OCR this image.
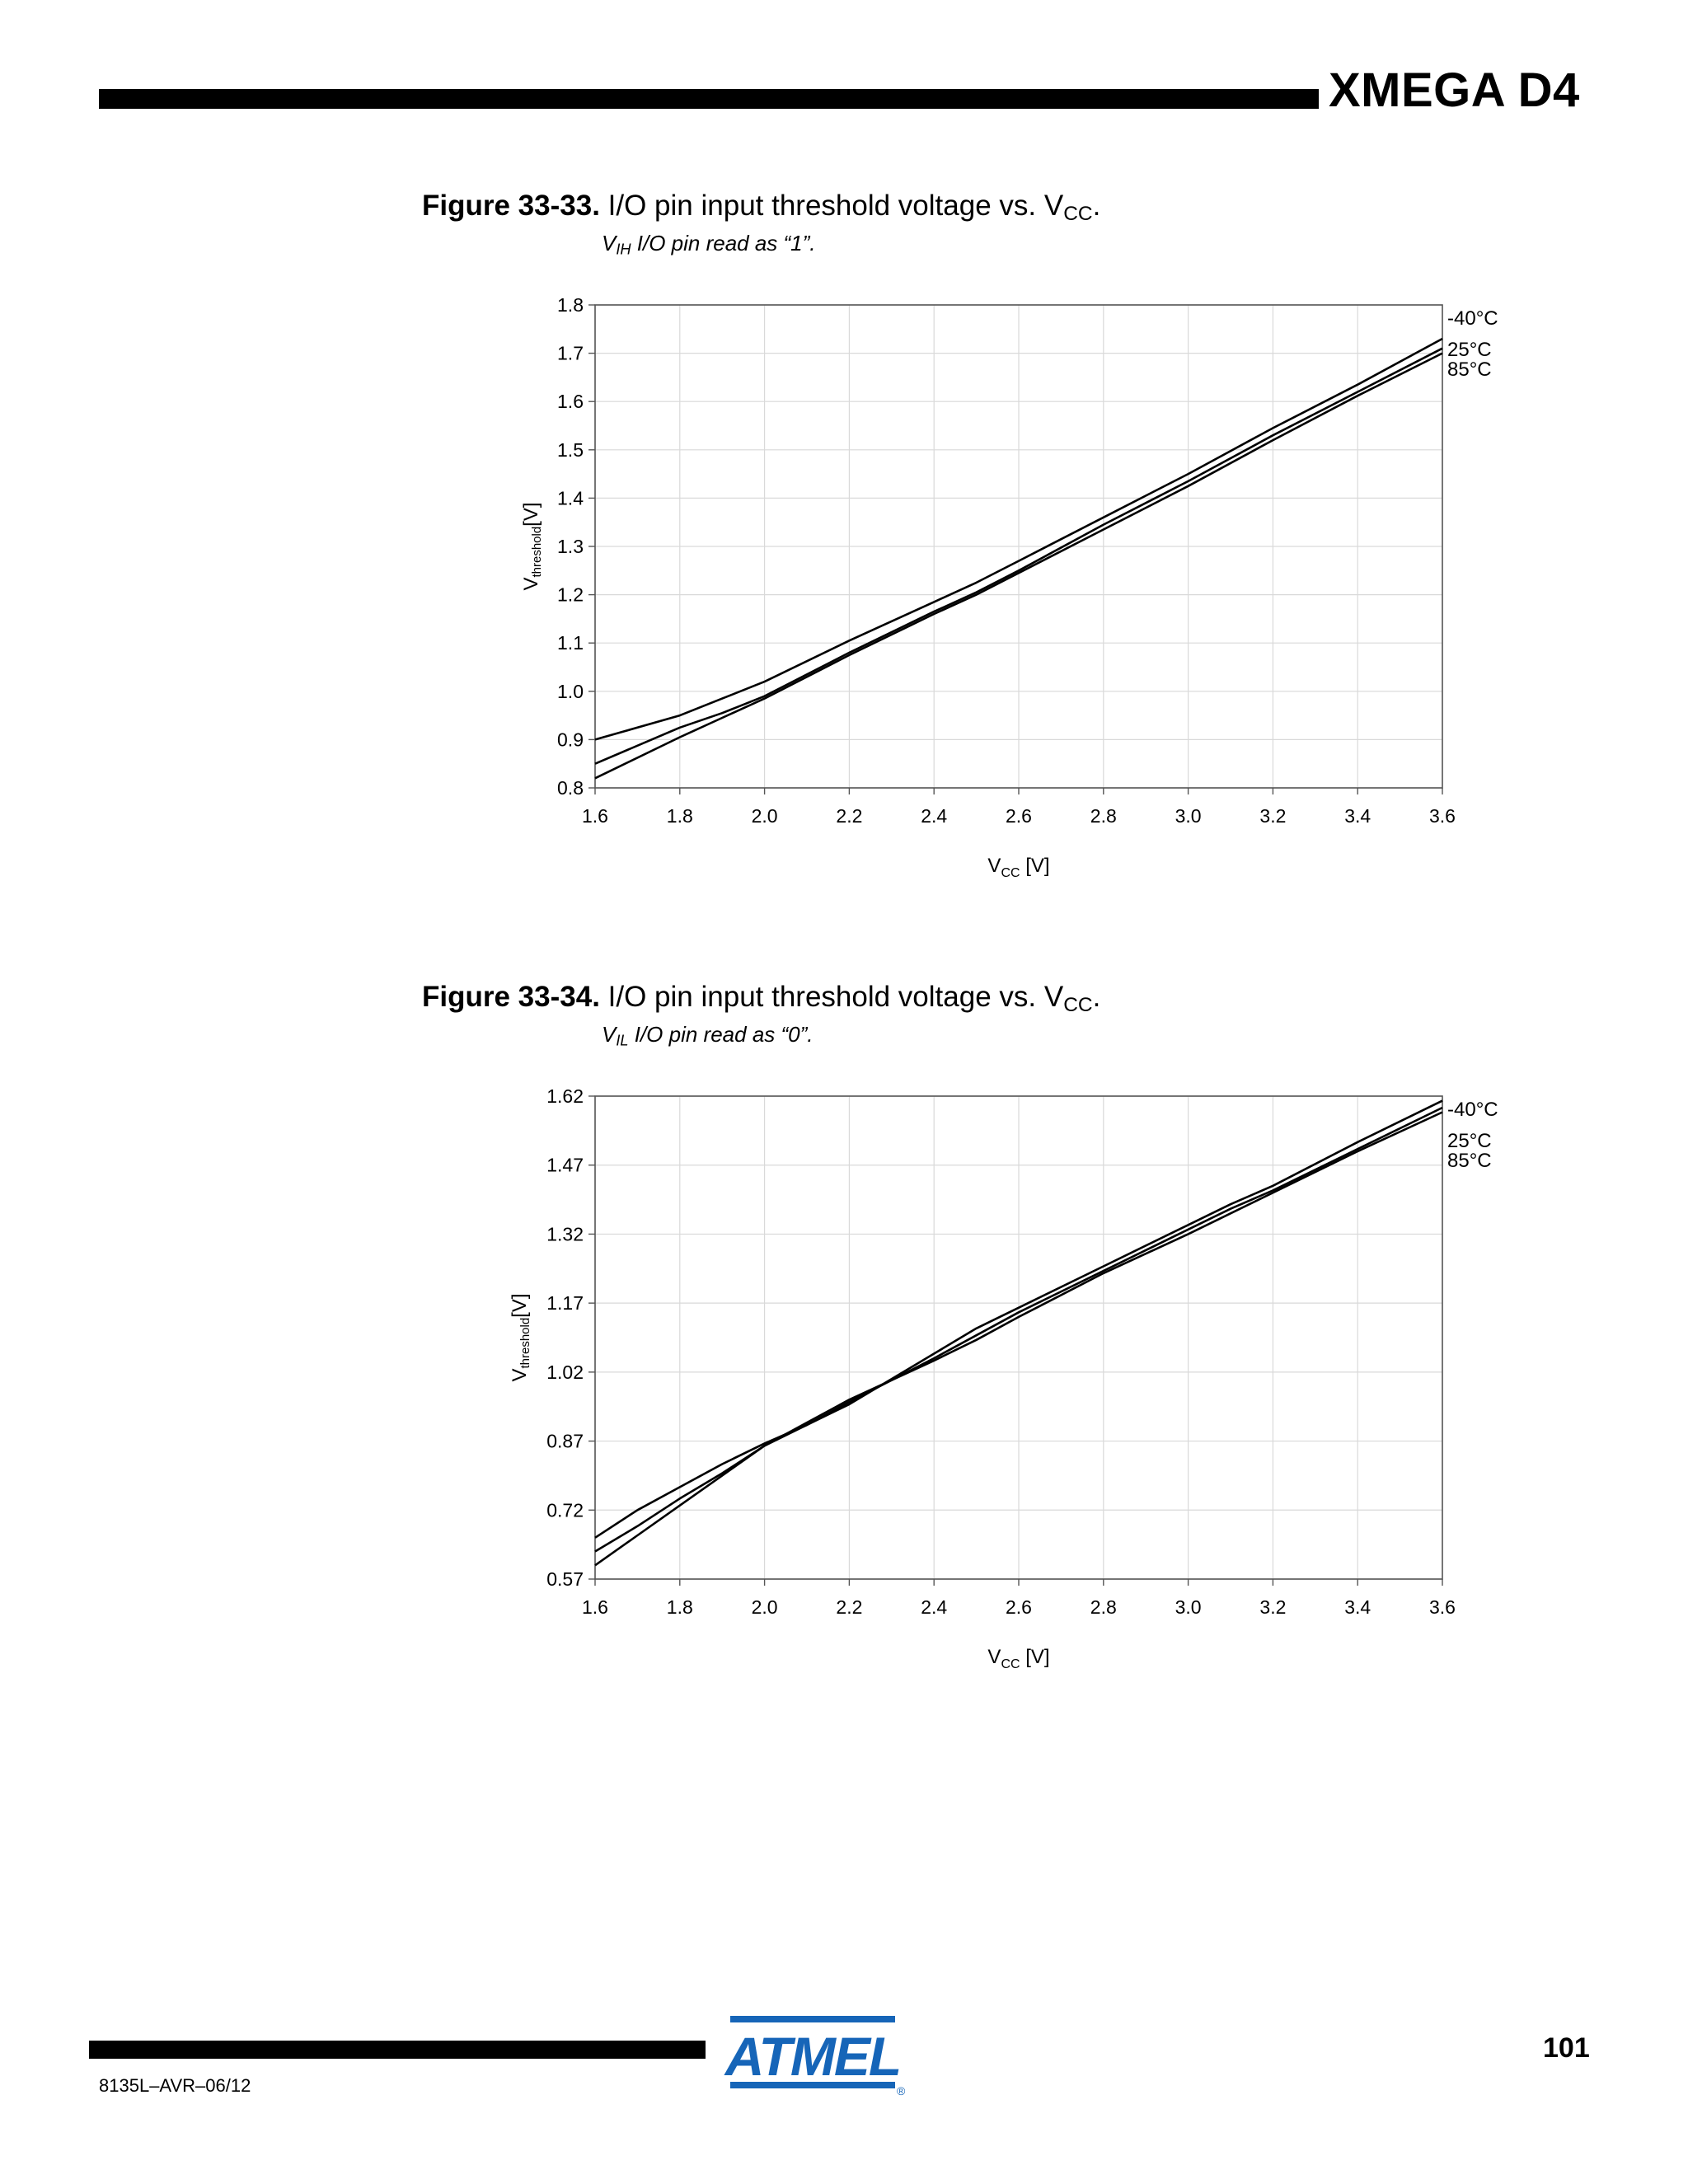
XMEGA D4
Figure 33-33. I/O pin input threshold voltage vs. $V_{CC}$.
$V_{IH}$ I/O pin read as “1”.
1.6	1.8	2.0	2.2	2.4	2.6	2.8	3.0	3.2	3.4	3.6
0.8
0.9
1.0
1.1
1.2
1.3
1.4
1.5
1.6
1.7
1.8
-40°C
25°C
85°C
$V_{CC}$ [V]
Vthreshold[V]
Figure 33-34. I/O pin input threshold voltage vs. $V_{CC}$.
$V_{IL}$ I/O pin read as “0”.
1.6	1.8	2.0	2.2	2.4	2.6	2.8	3.0	3.2	3.4	3.6
0.57
0.72
0.87
1.02
1.17
1.32
1.47
1.62
-40°C
25°C
85°C
$V_{CC}$ [V]
Vthreshold[V]
8135L–AVR–06/12
101
ATMEL
®
